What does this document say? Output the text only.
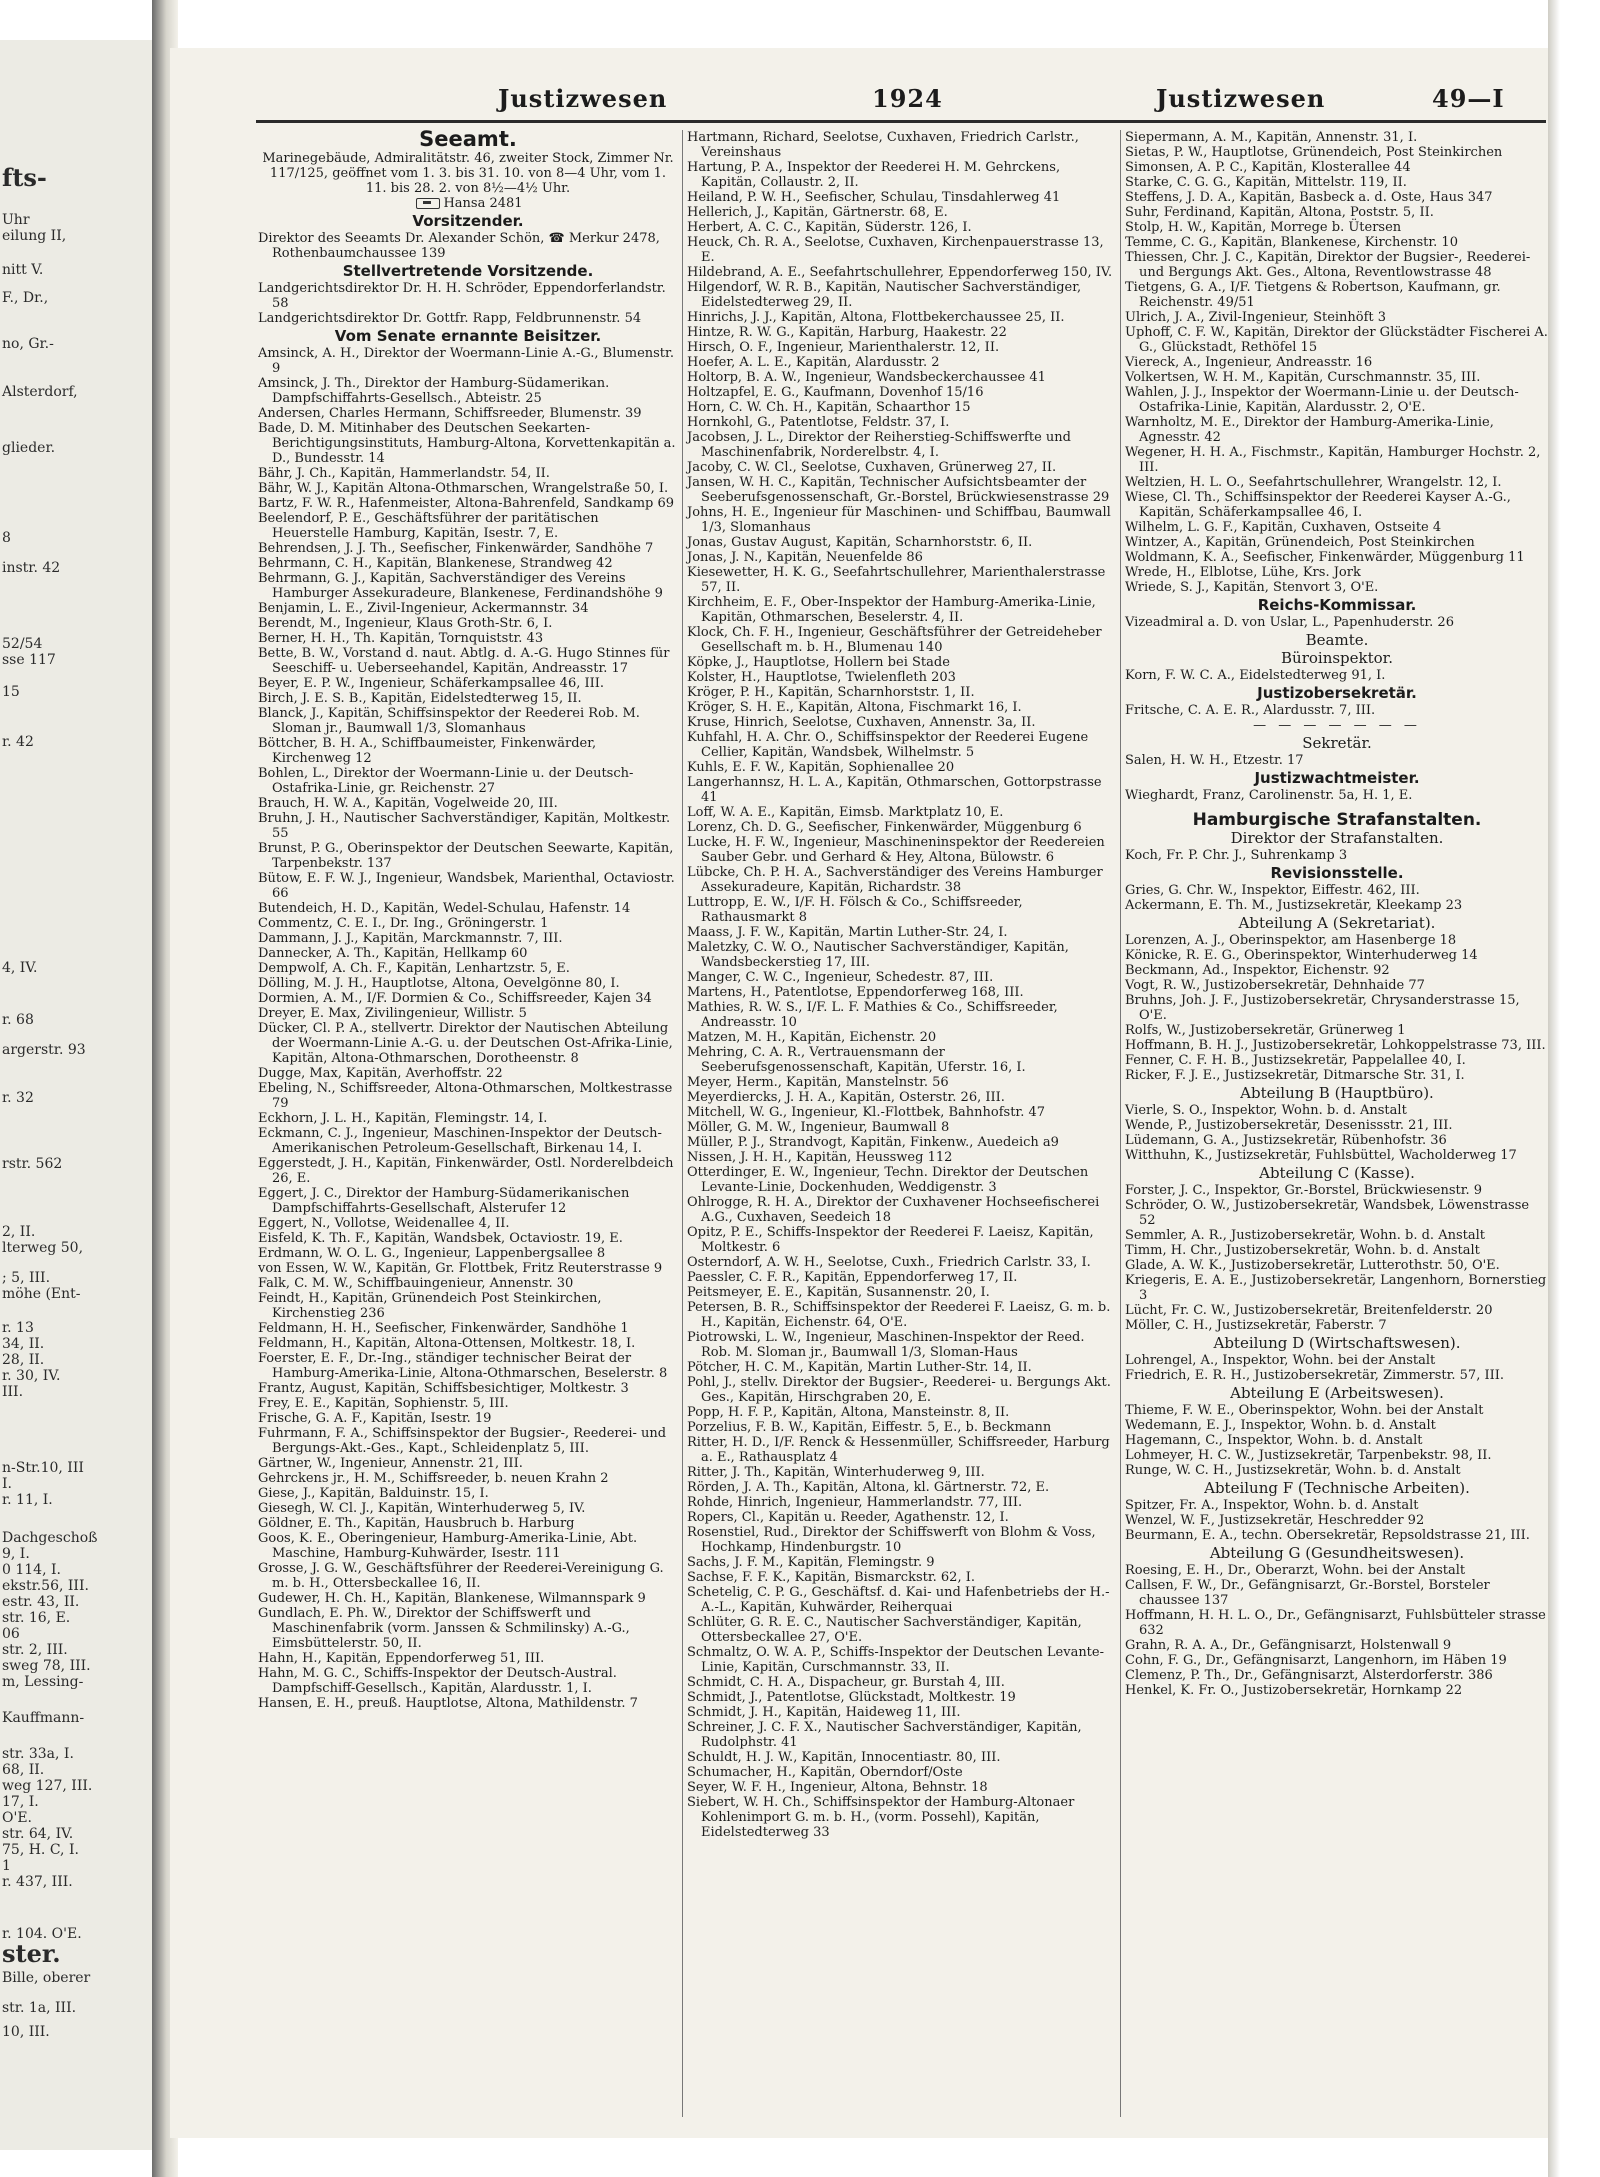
fts-
Uhr
eilung II,
nitt V.
F., Dr.,
no, Gr.-
Alsterdorf,
glieder.
8
instr. 42
52/54
sse 117
15
r. 42
4, IV.
r. 68
argerstr. 93
r. 32
rstr. 562
2, II.
lterweg 50,
; 5, III.
möhe (Ent-
r. 13
34, II.
28, II.
r. 30, IV.
III.
n-Str.10, III
I.
r. 11, I.
Dachgeschoß
9, I.
0 114, I.
ekstr.56, III.
estr. 43, II.
str. 16, E.
06
str. 2, III.
sweg 78, III.
m, Lessing-
Kauffmann-
str. 33a, I.
68, II.
weg 127, III.
17, I.
O'E.
str. 64, IV.
75, H. C, I.
1
r. 437, III.
r. 104. O'E.
ster.
Bille, oberer
str. 1a, III.
10, III.
Justizwesen	1924	Justizwesen	49—I
Seeamt.
Marinegebäude, Admiralitätstr. 46, zweiter Stock, Zimmer Nr. 117/125, geöffnet vom 1. 3. bis 31. 10. von 8—4 Uhr, vom 1. 11. bis 28. 2. von 8½—4½ Uhr.
Hansa 2481
Vorsitzender.
Direktor des Seeamts Dr. Alexander Schön, ☎ Merkur 2478, Rothenbaumchaussee 139
Stellvertretende Vorsitzende.
Landgerichtsdirektor Dr. H. H. Schröder, Eppendorferlandstr. 58
Landgerichtsdirektor Dr. Gottfr. Rapp, Feldbrunnenstr. 54
Vom Senate ernannte Beisitzer.
Amsinck, A. H., Direktor der Woermann-Linie A.-G., Blumenstr. 9
Amsinck, J. Th., Direktor der Hamburg-Südamerikan. Dampfschiffahrts-Gesellsch., Abteistr. 25
Andersen, Charles Hermann, Schiffsreeder, Blumenstr. 39
Bade, D. M. Mitinhaber des Deutschen Seekarten-Berichtigungsinstituts, Hamburg-Altona, Korvettenkapitän a. D., Bundesstr. 14
Bähr, J. Ch., Kapitän, Hammerlandstr. 54, II.
Bähr, W. J., Kapitän Altona-Othmarschen, Wrangelstraße 50, I.
Bartz, F. W. R., Hafenmeister, Altona-Bahrenfeld, Sandkamp 69
Beelendorf, P. E., Geschäftsführer der paritätischen Heuerstelle Hamburg, Kapitän, Isestr. 7, E.
Behrendsen, J. J. Th., Seefischer, Finkenwärder, Sandhöhe 7
Behrmann, C. H., Kapitän, Blankenese, Strandweg 42
Behrmann, G. J., Kapitän, Sachverständiger des Vereins Hamburger Assekuradeure, Blankenese, Ferdinandshöhe 9
Benjamin, L. E., Zivil-Ingenieur, Ackermannstr. 34
Berendt, M., Ingenieur, Klaus Groth-Str. 6, I.
Berner, H. H., Th. Kapitän, Tornquiststr. 43
Bette, B. W., Vorstand d. naut. Abtlg. d. A.-G. Hugo Stinnes für Seeschiff- u. Ueberseehandel, Kapitän, Andreasstr. 17
Beyer, E. P. W., Ingenieur, Schäferkampsallee 46, III.
Birch, J. E. S. B., Kapitän, Eidelstedterweg 15, II.
Blanck, J., Kapitän, Schiffsinspektor der Reederei Rob. M. Sloman jr., Baumwall 1/3, Slomanhaus
Böttcher, B. H. A., Schiffbaumeister, Finkenwärder, Kirchenweg 12
Bohlen, L., Direktor der Woermann-Linie u. der Deutsch-Ostafrika-Linie, gr. Reichenstr. 27
Brauch, H. W. A., Kapitän, Vogelweide 20, III.
Bruhn, J. H., Nautischer Sachverständiger, Kapitän, Moltkestr. 55
Brunst, P. G., Oberinspektor der Deutschen Seewarte, Kapitän, Tarpenbekstr. 137
Bütow, E. F. W. J., Ingenieur, Wandsbek, Marienthal, Octaviostr. 66
Butendeich, H. D., Kapitän, Wedel-Schulau, Hafenstr. 14
Commentz, C. E. I., Dr. Ing., Gröningerstr. 1
Dammann, J. J., Kapitän, Marckmannstr. 7, III.
Dannecker, A. Th., Kapitän, Hellkamp 60
Dempwolf, A. Ch. F., Kapitän, Lenhartzstr. 5, E.
Dölling, M. J. H., Hauptlotse, Altona, Oevelgönne 80, I.
Dormien, A. M., I/F. Dormien & Co., Schiffsreeder, Kajen 34
Dreyer, E. Max, Zivilingenieur, Willistr. 5
Dücker, Cl. P. A., stellvertr. Direktor der Nautischen Abteilung der Woermann-Linie A.-G. u. der Deutschen Ost-Afrika-Linie, Kapitän, Altona-Othmarschen, Dorotheenstr. 8
Dugge, Max, Kapitän, Averhoffstr. 22
Ebeling, N., Schiffsreeder, Altona-Othmarschen, Moltkestrasse 79
Eckhorn, J. L. H., Kapitän, Flemingstr. 14, I.
Eckmann, C. J., Ingenieur, Maschinen-Inspektor der Deutsch-Amerikanischen Petroleum-Gesellschaft, Birkenau 14, I.
Eggerstedt, J. H., Kapitän, Finkenwärder, Ostl. Norderelbdeich 26, E.
Eggert, J. C., Direktor der Hamburg-Südamerikanischen Dampfschiffahrts-Gesellschaft, Alsterufer 12
Eggert, N., Vollotse, Weidenallee 4, II.
Eisfeld, K. Th. F., Kapitän, Wandsbek, Octaviostr. 19, E.
Erdmann, W. O. L. G., Ingenieur, Lappenbergsallee 8
von Essen, W. W., Kapitän, Gr. Flottbek, Fritz Reuterstrasse 9
Falk, C. M. W., Schiffbauingenieur, Annenstr. 30
Feindt, H., Kapitän, Grünendeich Post Steinkirchen, Kirchenstieg 236
Feldmann, H. H., Seefischer, Finkenwärder, Sandhöhe 1
Feldmann, H., Kapitän, Altona-Ottensen, Moltkestr. 18, I.
Foerster, E. F., Dr.-Ing., ständiger technischer Beirat der Hamburg-Amerika-Linie, Altona-Othmarschen, Beselerstr. 8
Frantz, August, Kapitän, Schiffsbesichtiger, Moltkestr. 3
Frey, E. E., Kapitän, Sophienstr. 5, III.
Frische, G. A. F., Kapitän, Isestr. 19
Fuhrmann, F. A., Schiffsinspektor der Bugsier-, Reederei- und Bergungs-Akt.-Ges., Kapt., Schleidenplatz 5, III.
Gärtner, W., Ingenieur, Annenstr. 21, III.
Gehrckens jr., H. M., Schiffsreeder, b. neuen Krahn 2
Giese, J., Kapitän, Balduinstr. 15, I.
Giesegh, W. Cl. J., Kapitän, Winterhuderweg 5, IV.
Göldner, E. Th., Kapitän, Hausbruch b. Harburg
Goos, K. E., Oberingenieur, Hamburg-Amerika-Linie, Abt. Maschine, Hamburg-Kuhwärder, Isestr. 111
Grosse, J. G. W., Geschäftsführer der Reederei-Vereinigung G. m. b. H., Ottersbeckallee 16, II.
Gudewer, H. Ch. H., Kapitän, Blankenese, Wilmannspark 9
Gundlach, E. Ph. W., Direktor der Schiffswerft und Maschinenfabrik (vorm. Janssen & Schmilinsky) A.-G., Eimsbüttelerstr. 50, II.
Hahn, H., Kapitän, Eppendorferweg 51, III.
Hahn, M. G. C., Schiffs-Inspektor der Deutsch-Austral. Dampfschiff-Gesellsch., Kapitän, Alardusstr. 1, I.
Hansen, E. H., preuß. Hauptlotse, Altona, Mathildenstr. 7
Hartmann, Richard, Seelotse, Cuxhaven, Friedrich Carlstr., Vereinshaus
Hartung, P. A., Inspektor der Reederei H. M. Gehrckens, Kapitän, Collaustr. 2, II.
Heiland, P. W. H., Seefischer, Schulau, Tinsdahlerweg 41
Hellerich, J., Kapitän, Gärtnerstr. 68, E.
Herbert, A. C. C., Kapitän, Süderstr. 126, I.
Heuck, Ch. R. A., Seelotse, Cuxhaven, Kirchenpauerstrasse 13, E.
Hildebrand, A. E., Seefahrtschullehrer, Eppendorferweg 150, IV.
Hilgendorf, W. R. B., Kapitän, Nautischer Sachverständiger, Eidelstedterweg 29, II.
Hinrichs, J. J., Kapitän, Altona, Flottbekerchaussee 25, II.
Hintze, R. W. G., Kapitän, Harburg, Haakestr. 22
Hirsch, O. F., Ingenieur, Marienthalerstr. 12, II.
Hoefer, A. L. E., Kapitän, Alardusstr. 2
Holtorp, B. A. W., Ingenieur, Wandsbeckerchaussee 41
Holtzapfel, E. G., Kaufmann, Dovenhof 15/16
Horn, C. W. Ch. H., Kapitän, Schaarthor 15
Hornkohl, G., Patentlotse, Feldstr. 37, I.
Jacobsen, J. L., Direktor der Reiherstieg-Schiffswerfte und Maschinenfabrik, Norderelbstr. 4, I.
Jacoby, C. W. Cl., Seelotse, Cuxhaven, Grünerweg 27, II.
Jansen, W. H. C., Kapitän, Technischer Aufsichtsbeamter der Seeberufsgenossenschaft, Gr.-Borstel, Brückwiesenstrasse 29
Johns, H. E., Ingenieur für Maschinen- und Schiffbau, Baumwall 1/3, Slomanhaus
Jonas, Gustav August, Kapitän, Scharnhorststr. 6, II.
Jonas, J. N., Kapitän, Neuenfelde 86
Kiesewetter, H. K. G., Seefahrtschullehrer, Marienthalerstrasse 57, II.
Kirchheim, E. F., Ober-Inspektor der Hamburg-Amerika-Linie, Kapitän, Othmarschen, Beselerstr. 4, II.
Klock, Ch. F. H., Ingenieur, Geschäftsführer der Getreideheber Gesellschaft m. b. H., Blumenau 140
Köpke, J., Hauptlotse, Hollern bei Stade
Kolster, H., Hauptlotse, Twielenfleth 203
Kröger, P. H., Kapitän, Scharnhorststr. 1, II.
Kröger, S. H. E., Kapitän, Altona, Fischmarkt 16, I.
Kruse, Hinrich, Seelotse, Cuxhaven, Annenstr. 3a, II.
Kuhfahl, H. A. Chr. O., Schiffsinspektor der Reederei Eugene Cellier, Kapitän, Wandsbek, Wilhelmstr. 5
Kuhls, E. F. W., Kapitän, Sophienallee 20
Langerhannsz, H. L. A., Kapitän, Othmarschen, Gottorpstrasse 41
Loff, W. A. E., Kapitän, Eimsb. Marktplatz 10, E.
Lorenz, Ch. D. G., Seefischer, Finkenwärder, Müggenburg 6
Lucke, H. F. W., Ingenieur, Maschineninspektor der Reedereien Sauber Gebr. und Gerhard & Hey, Altona, Bülowstr. 6
Lübcke, Ch. P. H. A., Sachverständiger des Vereins Hamburger Assekuradeure, Kapitän, Richardstr. 38
Luttropp, E. W., I/F. H. Fölsch & Co., Schiffsreeder, Rathausmarkt 8
Maass, J. F. W., Kapitän, Martin Luther-Str. 24, I.
Maletzky, C. W. O., Nautischer Sachverständiger, Kapitän, Wandsbeckerstieg 17, III.
Manger, C. W. C., Ingenieur, Schedestr. 87, III.
Martens, H., Patentlotse, Eppendorferweg 168, III.
Mathies, R. W. S., I/F. L. F. Mathies & Co., Schiffsreeder, Andreasstr. 10
Matzen, M. H., Kapitän, Eichenstr. 20
Mehring, C. A. R., Vertrauensmann der Seeberufsgenossenschaft, Kapitän, Uferstr. 16, I.
Meyer, Herm., Kapitän, Manstelnstr. 56
Meyerdiercks, J. H. A., Kapitän, Osterstr. 26, III.
Mitchell, W. G., Ingenieur, Kl.-Flottbek, Bahnhofstr. 47
Möller, G. M. W., Ingenieur, Baumwall 8
Müller, P. J., Strandvogt, Kapitän, Finkenw., Auedeich a9
Nissen, J. H. H., Kapitän, Heussweg 112
Otterdinger, E. W., Ingenieur, Techn. Direktor der Deutschen Levante-Linie, Dockenhuden, Weddigenstr. 3
Ohlrogge, R. H. A., Direktor der Cuxhavener Hochseefischerei A.G., Cuxhaven, Seedeich 18
Opitz, P. E., Schiffs-Inspektor der Reederei F. Laeisz, Kapitän, Moltkestr. 6
Osterndorf, A. W. H., Seelotse, Cuxh., Friedrich Carlstr. 33, I.
Paessler, C. F. R., Kapitän, Eppendorferweg 17, II.
Peitsmeyer, E. E., Kapitän, Susannenstr. 20, I.
Petersen, B. R., Schiffsinspektor der Reederei F. Laeisz, G. m. b. H., Kapitän, Eichenstr. 64, O'E.
Piotrowski, L. W., Ingenieur, Maschinen-Inspektor der Reed. Rob. M. Sloman jr., Baumwall 1/3, Sloman-Haus
Pötcher, H. C. M., Kapitän, Martin Luther-Str. 14, II.
Pohl, J., stellv. Direktor der Bugsier-, Reederei- u. Bergungs Akt. Ges., Kapitän, Hirschgraben 20, E.
Popp, H. F. P., Kapitän, Altona, Mansteinstr. 8, II.
Porzelius, F. B. W., Kapitän, Eiffestr. 5, E., b. Beckmann
Ritter, H. D., I/F. Renck & Hessenmüller, Schiffsreeder, Harburg a. E., Rathausplatz 4
Ritter, J. Th., Kapitän, Winterhuderweg 9, III.
Rörden, J. A. Th., Kapitän, Altona, kl. Gärtnerstr. 72, E.
Rohde, Hinrich, Ingenieur, Hammerlandstr. 77, III.
Ropers, Cl., Kapitän u. Reeder, Agathenstr. 12, I.
Rosenstiel, Rud., Direktor der Schiffswerft von Blohm & Voss, Hochkamp, Hindenburgstr. 10
Sachs, J. F. M., Kapitän, Flemingstr. 9
Sachse, F. F. K., Kapitän, Bismarckstr. 62, I.
Schetelig, C. P. G., Geschäftsf. d. Kai- und Hafenbetriebs der H.-A.-L., Kapitän, Kuhwärder, Reiherquai
Schlüter, G. R. E. C., Nautischer Sachverständiger, Kapitän, Ottersbeckallee 27, O'E.
Schmaltz, O. W. A. P., Schiffs-Inspektor der Deutschen Levante-Linie, Kapitän, Curschmannstr. 33, II.
Schmidt, C. H. A., Dispacheur, gr. Burstah 4, III.
Schmidt, J., Patentlotse, Glückstadt, Moltkestr. 19
Schmidt, J. H., Kapitän, Haideweg 11, III.
Schreiner, J. C. F. X., Nautischer Sachverständiger, Kapitän, Rudolphstr. 41
Schuldt, H. J. W., Kapitän, Innocentiastr. 80, III.
Schumacher, H., Kapitän, Oberndorf/Oste
Seyer, W. F. H., Ingenieur, Altona, Behnstr. 18
Siebert, W. H. Ch., Schiffsinspektor der Hamburg-Altonaer Kohlenimport G. m. b. H., (vorm. Possehl), Kapitän, Eidelstedterweg 33
Siepermann, A. M., Kapitän, Annenstr. 31, I.
Sietas, P. W., Hauptlotse, Grünendeich, Post Steinkirchen
Simonsen, A. P. C., Kapitän, Klosterallee 44
Starke, C. G. G., Kapitän, Mittelstr. 119, II.
Steffens, J. D. A., Kapitän, Basbeck a. d. Oste, Haus 347
Suhr, Ferdinand, Kapitän, Altona, Poststr. 5, II.
Stolp, H. W., Kapitän, Morrege b. Ütersen
Temme, C. G., Kapitän, Blankenese, Kirchenstr. 10
Thiessen, Chr. J. C., Kapitän, Direktor der Bugsier-, Reederei- und Bergungs Akt. Ges., Altona, Reventlowstrasse 48
Tietgens, G. A., I/F. Tietgens & Robertson, Kaufmann, gr. Reichenstr. 49/51
Ulrich, J. A., Zivil-Ingenieur, Steinhöft 3
Uphoff, C. F. W., Kapitän, Direktor der Glückstädter Fischerei A. G., Glückstadt, Rethöfel 15
Viereck, A., Ingenieur, Andreasstr. 16
Volkertsen, W. H. M., Kapitän, Curschmannstr. 35, III.
Wahlen, J. J., Inspektor der Woermann-Linie u. der Deutsch-Ostafrika-Linie, Kapitän, Alardusstr. 2, O'E.
Warnholtz, M. E., Direktor der Hamburg-Amerika-Linie, Agnesstr. 42
Wegener, H. H. A., Fischmstr., Kapitän, Hamburger Hochstr. 2, III.
Weltzien, H. L. O., Seefahrtschullehrer, Wrangelstr. 12, I.
Wiese, Cl. Th., Schiffsinspektor der Reederei Kayser A.-G., Kapitän, Schäferkampsallee 46, I.
Wilhelm, L. G. F., Kapitän, Cuxhaven, Ostseite 4
Wintzer, A., Kapitän, Grünendeich, Post Steinkirchen
Woldmann, K. A., Seefischer, Finkenwärder, Müggenburg 11
Wrede, H., Elblotse, Lühe, Krs. Jork
Wriede, S. J., Kapitän, Stenvort 3, O'E.
Reichs-Kommissar.
Vizeadmiral a. D. von Uslar, L., Papenhuderstr. 26
Beamte.
Büroinspektor.
Korn, F. W. C. A., Eidelstedterweg 91, I.
Justizobersekretär.
Fritsche, C. A. E. R., Alardusstr. 7, III.
— — — — — — —
Sekretär.
Salen, H. W. H., Etzestr. 17
Justizwachtmeister.
Wieghardt, Franz, Carolinenstr. 5a, H. 1, E.
Hamburgische Strafanstalten.
Direktor der Strafanstalten.
Koch, Fr. P. Chr. J., Suhrenkamp 3
Revisionsstelle.
Gries, G. Chr. W., Inspektor, Eiffestr. 462, III.
Ackermann, E. Th. M., Justizsekretär, Kleekamp 23
Abteilung A (Sekretariat).
Lorenzen, A. J., Oberinspektor, am Hasenberge 18
Könicke, R. E. G., Oberinspektor, Winterhuderweg 14
Beckmann, Ad., Inspektor, Eichenstr. 92
Vogt, R. W., Justizobersekretär, Dehnhaide 77
Bruhns, Joh. J. F., Justizobersekretär, Chrysanderstrasse 15, O'E.
Rolfs, W., Justizobersekretär, Grünerweg 1
Hoffmann, B. H. J., Justizobersekretär, Lohkoppelstrasse 73, III.
Fenner, C. F. H. B., Justizsekretär, Pappelallee 40, I.
Ricker, F. J. E., Justizsekretär, Ditmarsche Str. 31, I.
Abteilung B (Hauptbüro).
Vierle, S. O., Inspektor, Wohn. b. d. Anstalt
Wende, P., Justizobersekretär, Desenissstr. 21, III.
Lüdemann, G. A., Justizsekretär, Rübenhofstr. 36
Witthuhn, K., Justizsekretär, Fuhlsbüttel, Wacholderweg 17
Abteilung C (Kasse).
Forster, J. C., Inspektor, Gr.-Borstel, Brückwiesenstr. 9
Schröder, O. W., Justizobersekretär, Wandsbek, Löwenstrasse 52
Semmler, A. R., Justizobersekretär, Wohn. b. d. Anstalt
Timm, H. Chr., Justizobersekretär, Wohn. b. d. Anstalt
Glade, A. W. K., Justizobersekretär, Lutterothstr. 50, O'E.
Kriegeris, E. A. E., Justizobersekretär, Langenhorn, Bornerstieg 3
Lücht, Fr. C. W., Justizobersekretär, Breitenfelderstr. 20
Möller, C. H., Justizsekretär, Faberstr. 7
Abteilung D (Wirtschaftswesen).
Lohrengel, A., Inspektor, Wohn. bei der Anstalt
Friedrich, E. R. H., Justizobersekretär, Zimmerstr. 57, III.
Abteilung E (Arbeitswesen).
Thieme, F. W. E., Oberinspektor, Wohn. bei der Anstalt
Wedemann, E. J., Inspektor, Wohn. b. d. Anstalt
Hagemann, C., Inspektor, Wohn. b. d. Anstalt
Lohmeyer, H. C. W., Justizsekretär, Tarpenbekstr. 98, II.
Runge, W. C. H., Justizsekretär, Wohn. b. d. Anstalt
Abteilung F (Technische Arbeiten).
Spitzer, Fr. A., Inspektor, Wohn. b. d. Anstalt
Wenzel, W. F., Justizsekretär, Heschredder 92
Beurmann, E. A., techn. Obersekretär, Repsoldstrasse 21, III.
Abteilung G (Gesundheitswesen).
Roesing, E. H., Dr., Oberarzt, Wohn. bei der Anstalt
Callsen, F. W., Dr., Gefängnisarzt, Gr.-Borstel, Borsteler chaussee 137
Hoffmann, H. H. L. O., Dr., Gefängnisarzt, Fuhlsbütteler strasse 632
Grahn, R. A. A., Dr., Gefängnisarzt, Holstenwall 9
Cohn, F. G., Dr., Gefängnisarzt, Langenhorn, im Häben 19
Clemenz, P. Th., Dr., Gefängnisarzt, Alsterdorferstr. 386
Henkel, K. Fr. O., Justizobersekretär, Hornkamp 22
